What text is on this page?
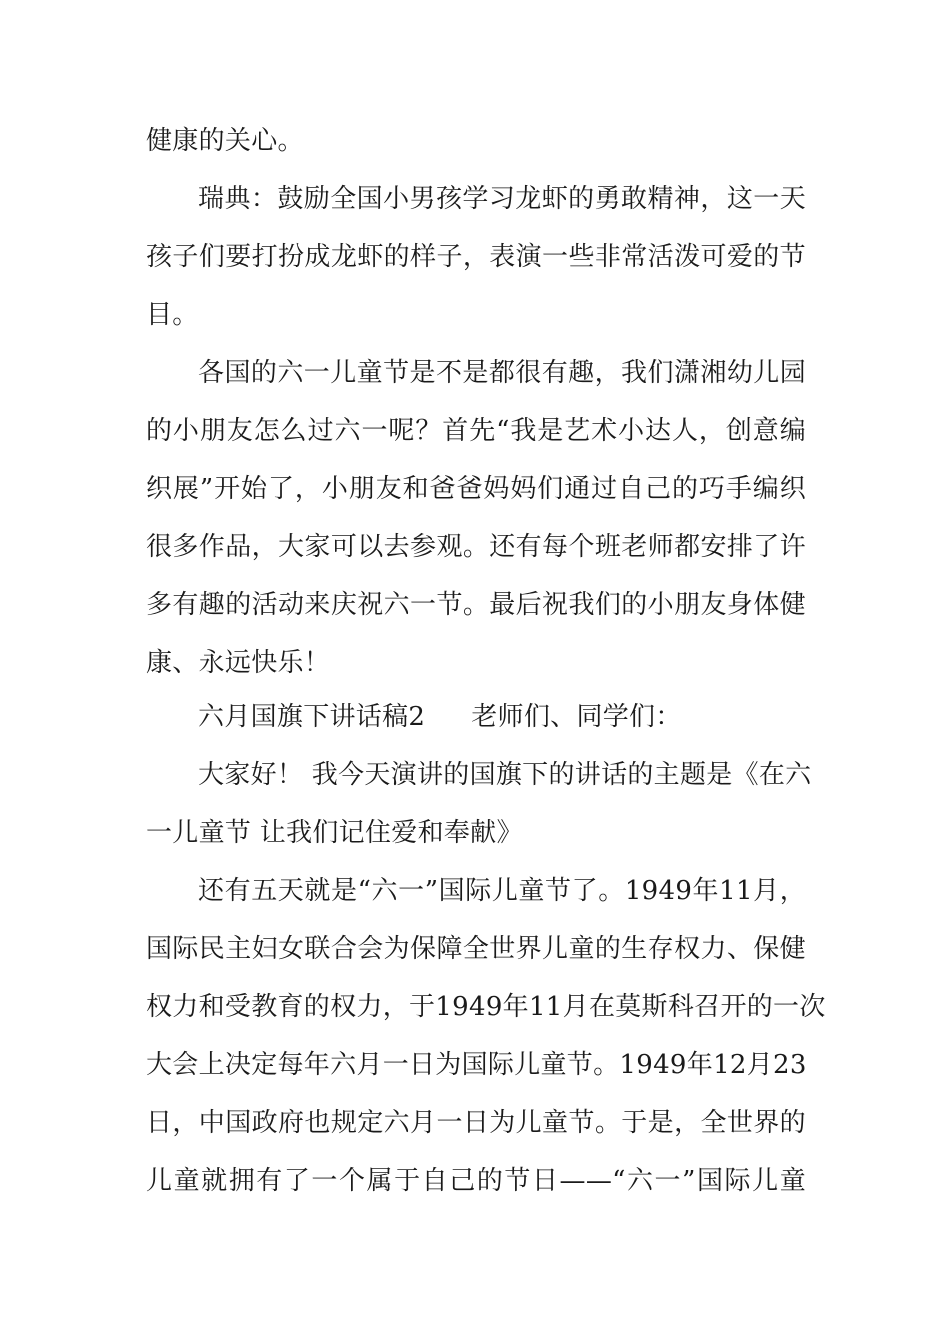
健康的关心。
瑞典：鼓励全国小男孩学习龙虾的勇敢精神，这一天
孩子们要打扮成龙虾的样子，表演一些非常活泼可爱的节
目。
各国的六一儿童节是不是都很有趣，我们潇湘幼儿园
的小朋友怎么过六一呢？首先“我是艺术小达人，创意编
织展”开始了，小朋友和爸爸妈妈们通过自己的巧手编织
很多作品，大家可以去参观。还有每个班老师都安排了许
多有趣的活动来庆祝六一节。最后祝我们的小朋友身体健
康、永远快乐！
六月国旗下讲话稿2 老师们、同学们：
大家好！ 我今天演讲的国旗下的讲话的主题是《在六
一儿童节 让我们记住爱和奉献》
还有五天就是“六一”国际儿童节了。1949年11月，
国际民主妇女联合会为保障全世界儿童的生存权力、保健
权力和受教育的权力，于1949年11月在莫斯科召开的一次
大会上决定每年六月一日为国际儿童节。1949年12月23
日，中国政府也规定六月一日为儿童节。于是，全世界的
儿童就拥有了一个属于自己的节日——“六一”国际儿童
